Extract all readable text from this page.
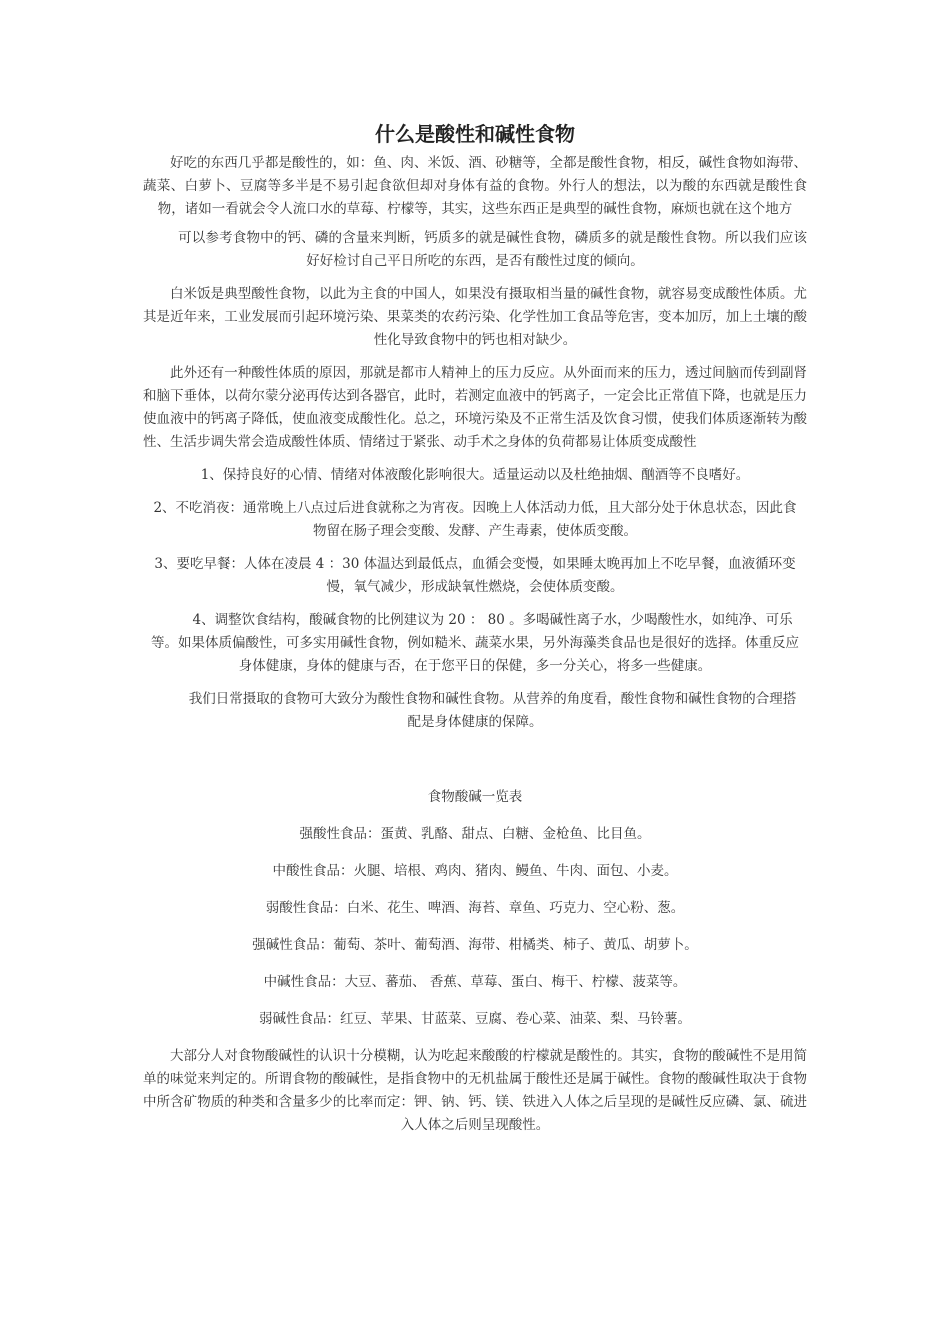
什么是酸性和碱性食物

好吃的东西几乎都是酸性的，如：鱼、肉、米饭、酒、砂糖等，全都是酸性食物，相反，碱性食物如海带、蔬菜、白萝卜、豆腐等多半是不易引起食欲但却对身体有益的食物。外行人的想法，以为酸的东西就是酸性食物，诸如一看就会令人流口水的草莓、柠檬等，其实，这些东西正是典型的碱性食物，麻烦也就在这个地方

可以参考食物中的钙、磷的含量来判断，钙质多的就是碱性食物，磷质多的就是酸性食物。所以我们应该好好检讨自己平日所吃的东西，是否有酸性过度的倾向。

白米饭是典型酸性食物，以此为主食的中国人，如果没有摄取相当量的碱性食物，就容易变成酸性体质。尤其是近年来，工业发展而引起环境污染、果菜类的农药污染、化学性加工食品等危害，变本加厉，加上土壤的酸性化导致食物中的钙也相对缺少。

此外还有一种酸性体质的原因，那就是都市人精神上的压力反应。从外面而来的压力，透过间脑而传到副肾和脑下垂体，以荷尔蒙分泌再传达到各器官，此时，若测定血液中的钙离子，一定会比正常值下降，也就是压力使血液中的钙离子降低，使血液变成酸性化。总之，环境污染及不正常生活及饮食习惯，使我们体质逐渐转为酸性、生活步调失常会造成酸性体质、情绪过于紧张、动手术之身体的负荷都易让体质变成酸性

1、保持良好的心情、情绪对体液酸化影响很大。适量运动以及杜绝抽烟、酗酒等不良嗜好。

2、不吃消夜：通常晚上八点过后进食就称之为宵夜。因晚上人体活动力低，且大部分处于休息状态，因此食物留在肠子理会变酸、发酵、产生毒素，使体质变酸。

3、要吃早餐：人体在凌晨 4 ：30 体温达到最低点，血循会变慢，如果睡太晚再加上不吃早餐，血液循环变慢，氧气减少，形成缺氧性燃烧，会使体质变酸。

4、调整饮食结构，酸碱食物的比例建议为 20 ： 80 。多喝碱性离子水，少喝酸性水，如纯净、可乐等。如果体质偏酸性，可多实用碱性食物，例如糙米、蔬菜水果，另外海藻类食品也是很好的选择。体重反应身体健康，身体的健康与否，在于您平日的保健，多一分关心，将多一些健康。

我们日常摄取的食物可大致分为酸性食物和碱性食物。从营养的角度看，酸性食物和碱性食物的合理搭配是身体健康的保障。

食物酸碱一览表

强酸性食品：蛋黄、乳酪、甜点、白糖、金枪鱼、比目鱼。

中酸性食品：火腿、培根、鸡肉、猪肉、鳗鱼、牛肉、面包、小麦。

弱酸性食品：白米、花生、啤酒、海苔、章鱼、巧克力、空心粉、葱。

强碱性食品：葡萄、茶叶、葡萄酒、海带、柑橘类、柿子、黄瓜、胡萝卜。

中碱性食品：大豆、蕃茄、 香蕉、草莓、蛋白、梅干、柠檬、菠菜等。

弱碱性食品：红豆、苹果、甘蓝菜、豆腐、卷心菜、油菜、梨、马铃薯。

大部分人对食物酸碱性的认识十分模糊，认为吃起来酸酸的柠檬就是酸性的。其实，食物的酸碱性不是用简单的味觉来判定的。所谓食物的酸碱性，是指食物中的无机盐属于酸性还是属于碱性。食物的酸碱性取决于食物中所含矿物质的种类和含量多少的比率而定：钾、钠、钙、镁、铁进入人体之后呈现的是碱性反应磷、氯、硫进入人体之后则呈现酸性。
